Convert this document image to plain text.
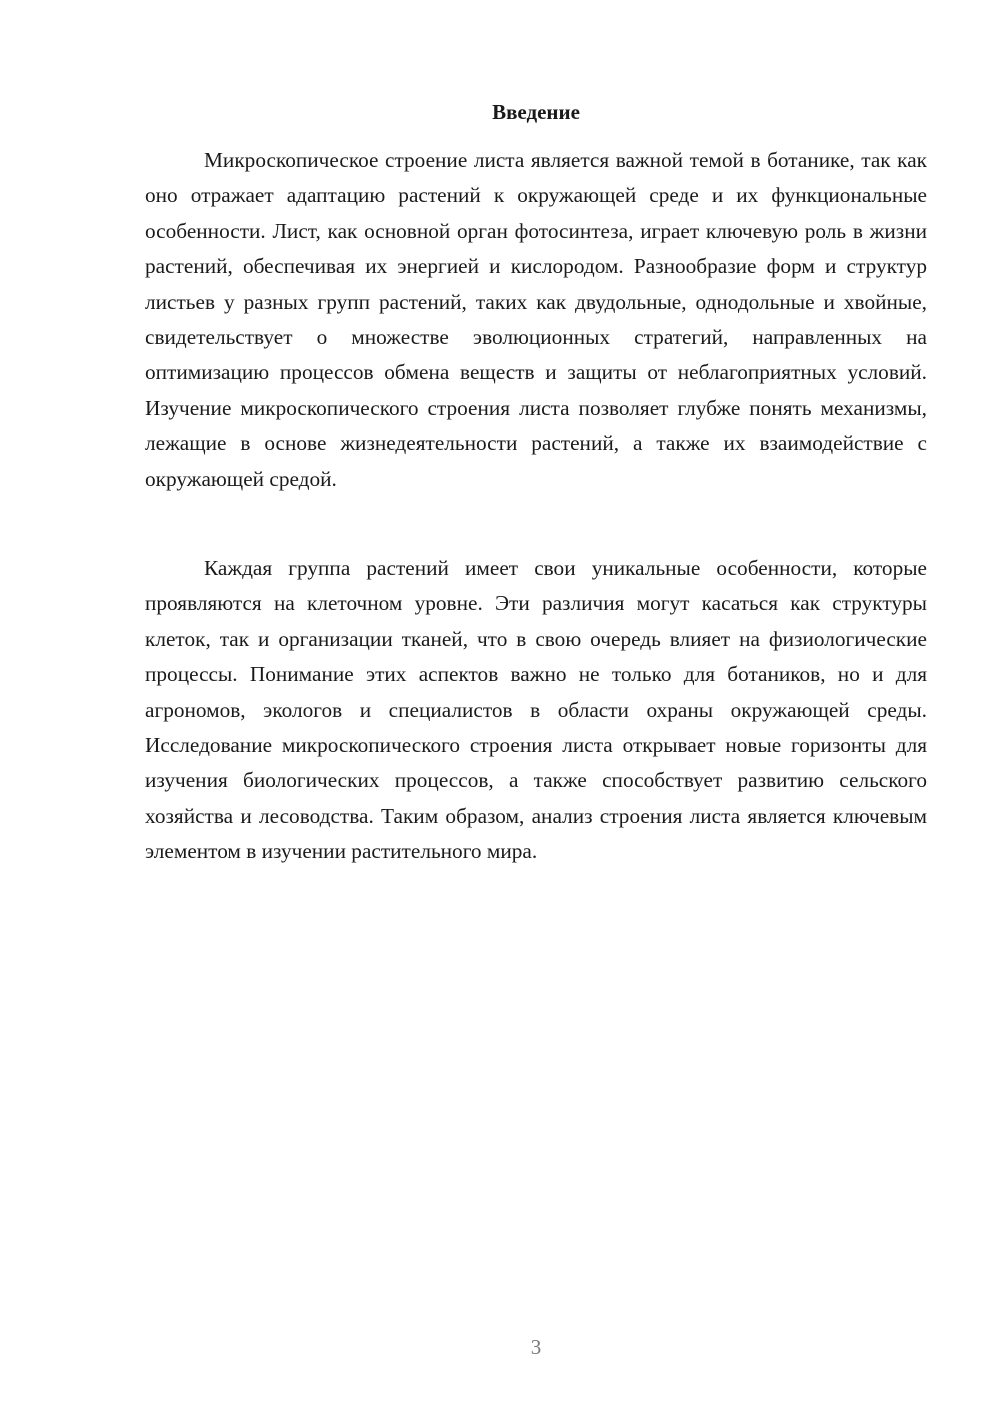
Введение

Микроскопическое строение листа является важной темой в ботанике, так как оно отражает адаптацию растений к окружающей среде и их функциональные особенности. Лист, как основной орган фотосинтеза, играет ключевую роль в жизни растений, обеспечивая их энергией и кислородом. Разнообразие форм и структур листьев у разных групп растений, таких как двудольные, однодольные и хвойные, свидетельствует о множестве эволюционных стратегий, направленных на оптимизацию процессов обмена веществ и защиты от неблагоприятных условий. Изучение микроскопического строения листа позволяет глубже понять механизмы, лежащие в основе жизнедеятельности растений, а также их взаимодействие с окружающей средой.

Каждая группа растений имеет свои уникальные особенности, которые проявляются на клеточном уровне. Эти различия могут касаться как структуры клеток, так и организации тканей, что в свою очередь влияет на физиологические процессы. Понимание этих аспектов важно не только для ботаников, но и для агрономов, экологов и специалистов в области охраны окружающей среды. Исследование микроскопического строения листа открывает новые горизонты для изучения биологических процессов, а также способствует развитию сельского хозяйства и лесоводства. Таким образом, анализ строения листа является ключевым элементом в изучении растительного мира.

3
